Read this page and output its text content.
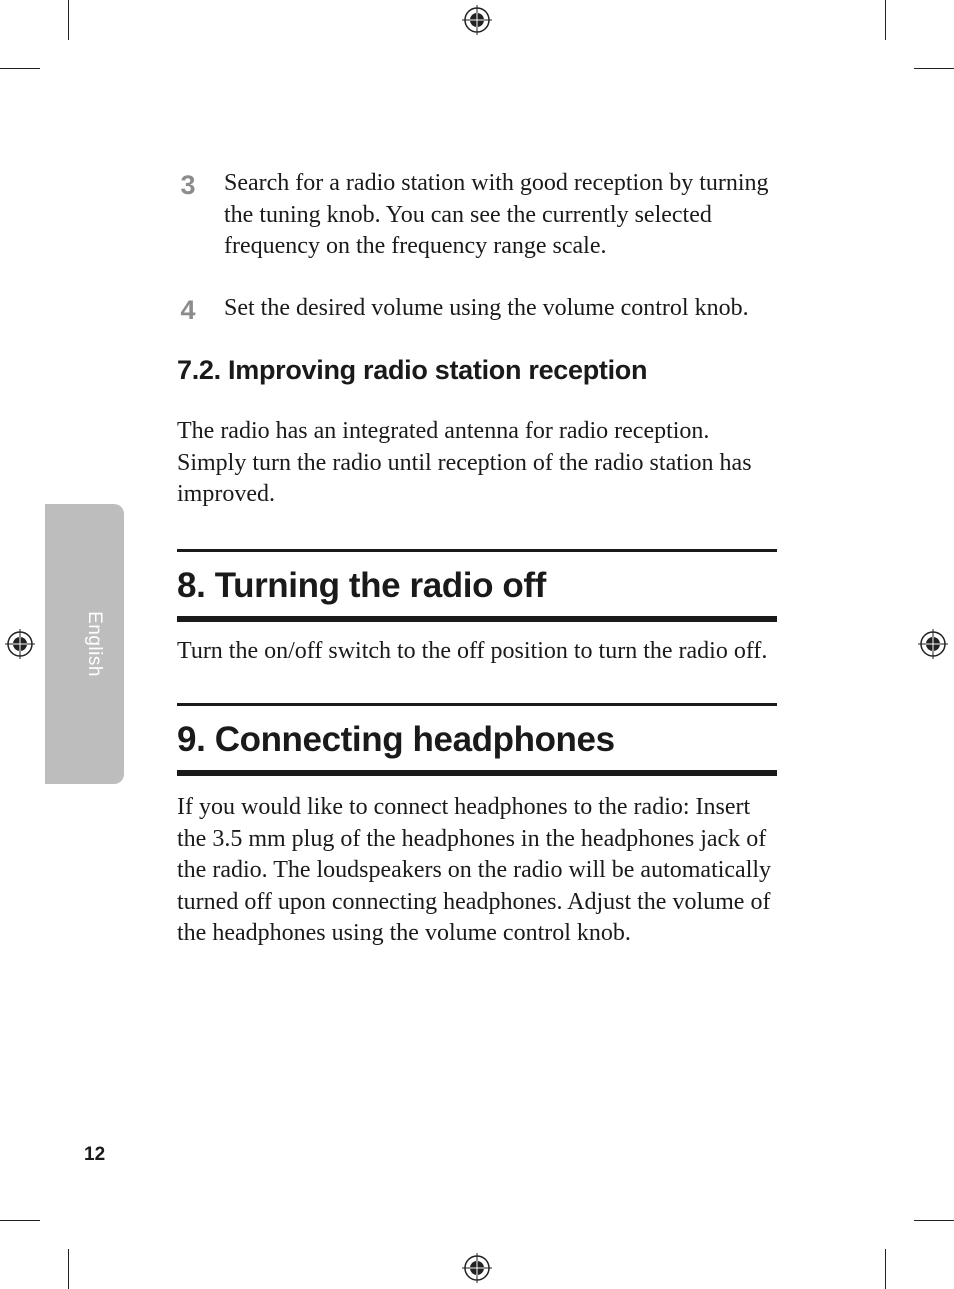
English
3 Search for a radio station with good reception by turning the tuning knob. You can see the currently selected frequency on the frequency range scale.
4 Set the desired volume using the volume control knob.
7.2. Improving radio station reception

The radio has an integrated antenna for radio reception. Simply turn the radio until reception of the radio station has improved.

8. Turning the radio off

Turn the on/off switch to the off position to turn the radio off.

9. Connecting headphones

If you would like to connect headphones to the radio: Insert the 3.5 mm plug of the headphones in the headphones jack of the radio. The loudspeakers on the radio will be automatically turned off upon connecting headphones. Adjust the volume of the headphones using the volume control knob.

12
